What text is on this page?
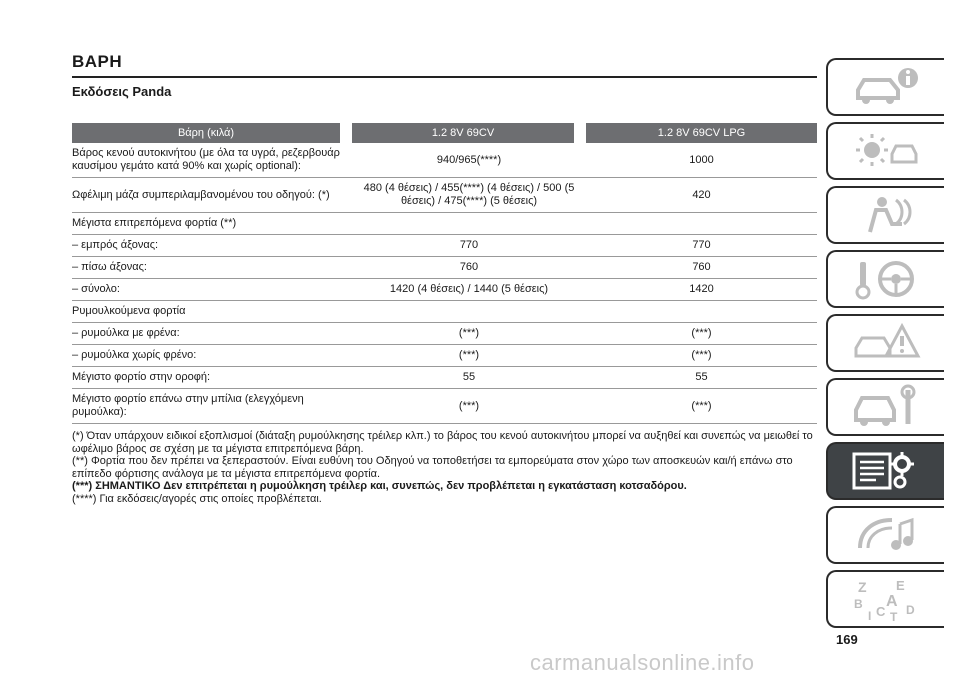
ΒΑΡΗ
Εκδόσεις Panda
Βάρη (κιλά)		1.2 8V 69CV		1.2 8V 69CV LPG
Βάρος κενού αυτοκινήτου (με όλα τα υγρά, ρεζερβουάρ καυσίμου γεμάτο κατά 90% και χωρίς optional):		940/965(****)		1000
Ωφέλιμη μάζα συμπεριλαμβανομένου του οδηγού: (*)		480 (4 θέσεις) / 455(****) (4 θέσεις) / 500 (5 θέσεις) / 475(****) (5 θέσεις)		420
Μέγιστα επιτρεπόμενα φορτία (**)				
– εμπρός άξονας:		770		770
– πίσω άξονας:		760		760
– σύνολο:		1420 (4 θέσεις) / 1440 (5 θέσεις)		1420
Ρυμουλκούμενα φορτία				
– ρυμούλκα με φρένα:		(***)		(***)
– ρυμούλκα χωρίς φρένο:		(***)		(***)
Μέγιστο φορτίο στην οροφή:		55		55
Μέγιστο φορτίο επάνω στην μπίλια (ελεγχόμενη ρυμούλκα):		(***)		(***)
(*) Όταν υπάρχουν ειδικοί εξοπλισμοί (διάταξη ρυμούλκησης τρέιλερ κλπ.) το βάρος του κενού αυτοκινήτου μπορεί να αυξηθεί και συνεπώς να μειωθεί το ωφέλιμο βάρος σε σχέση με τα μέγιστα επιτρεπόμενα βάρη.
(**) Φορτία που δεν πρέπει να ξεπεραστούν. Είναι ευθύνη του Οδηγού να τοποθετήσει τα εμπορεύματα στον χώρο των αποσκευών και/ή επάνω στο επίπεδο φόρτισης ανάλογα με τα μέγιστα επιτρεπόμενα φορτία.
(***) ΣΗΜΑΝΤΙΚΟ Δεν επιτρέπεται η ρυμούλκηση τρέιλερ και, συνεπώς, δεν προβλέπεται η εγκατάσταση κοτσαδόρου.
(****) Για εκδόσεις/αγορές στις οποίες προβλέπεται.
Z E
B A D
I C T
169
carmanualsonline.info
